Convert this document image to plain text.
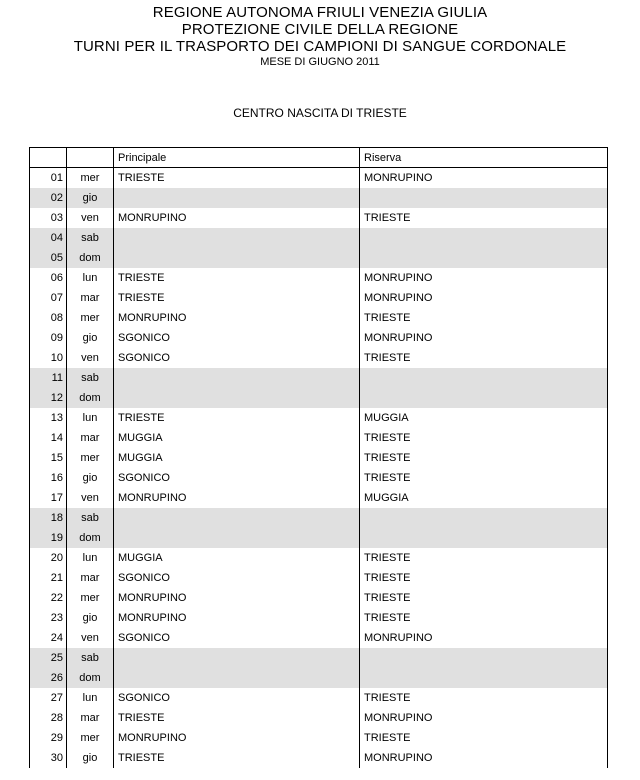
REGIONE AUTONOMA FRIULI VENEZIA GIULIA
PROTEZIONE CIVILE DELLA REGIONE
TURNI PER IL TRASPORTO DEI CAMPIONI DI SANGUE CORDONALE
MESE DI GIUGNO 2011
CENTRO NASCITA DI TRIESTE
		Principale	Riserva
01	mer	TRIESTE	MONRUPINO
02	gio		
03	ven	MONRUPINO	TRIESTE
04	sab		
05	dom		
06	lun	TRIESTE	MONRUPINO
07	mar	TRIESTE	MONRUPINO
08	mer	MONRUPINO	TRIESTE
09	gio	SGONICO	MONRUPINO
10	ven	SGONICO	TRIESTE
11	sab		
12	dom		
13	lun	TRIESTE	MUGGIA
14	mar	MUGGIA	TRIESTE
15	mer	MUGGIA	TRIESTE
16	gio	SGONICO	TRIESTE
17	ven	MONRUPINO	MUGGIA
18	sab		
19	dom		
20	lun	MUGGIA	TRIESTE
21	mar	SGONICO	TRIESTE
22	mer	MONRUPINO	TRIESTE
23	gio	MONRUPINO	TRIESTE
24	ven	SGONICO	MONRUPINO
25	sab		
26	dom		
27	lun	SGONICO	TRIESTE
28	mar	TRIESTE	MONRUPINO
29	mer	MONRUPINO	TRIESTE
30	gio	TRIESTE	MONRUPINO
